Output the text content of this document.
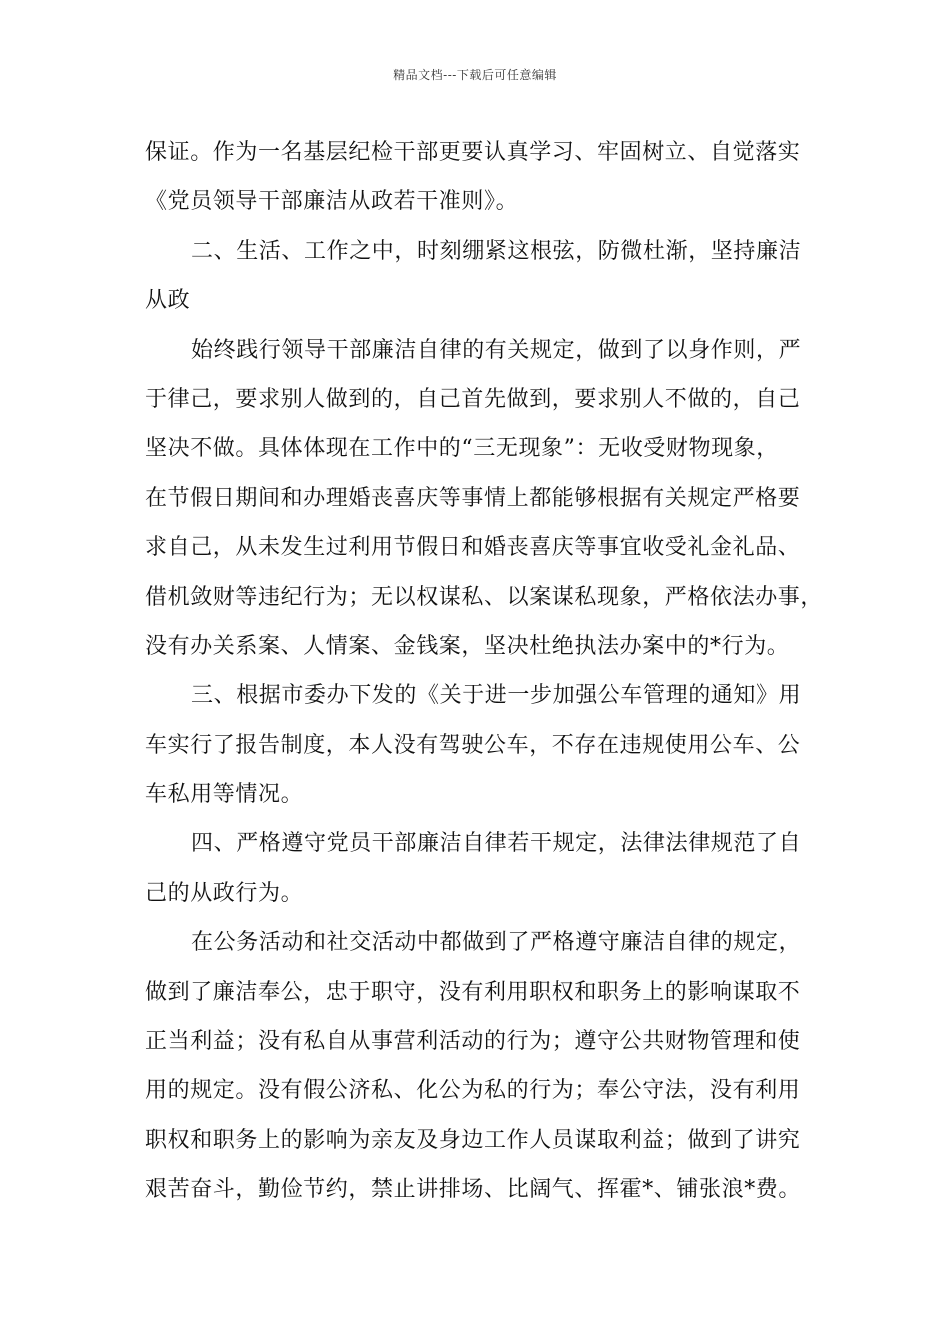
精品文档---下载后可任意编辑
保证。作为一名基层纪检干部更要认真学习、牢固树立、自觉落实
《党员领导干部廉洁从政若干准则》。
二、生活、工作之中，时刻绷紧这根弦，防微杜渐，坚持廉洁
从政
始终践行领导干部廉洁自律的有关规定，做到了以身作则，严
于律己，要求别人做到的，自己首先做到，要求别人不做的，自己
坚决不做。具体体现在工作中的“三无现象”：无收受财物现象，
在节假日期间和办理婚丧喜庆等事情上都能够根据有关规定严格要
求自己，从未发生过利用节假日和婚丧喜庆等事宜收受礼金礼品、
借机敛财等违纪行为；无以权谋私、以案谋私现象，严格依法办事，
没有办关系案、人情案、金钱案，坚决杜绝执法办案中的*行为。
三、根据市委办下发的《关于进一步加强公车管理的通知》用
车实行了报告制度，本人没有驾驶公车，不存在违规使用公车、公
车私用等情况。
四、严格遵守党员干部廉洁自律若干规定，法律法律规范了自
己的从政行为。
在公务活动和社交活动中都做到了严格遵守廉洁自律的规定，
做到了廉洁奉公，忠于职守，没有利用职权和职务上的影响谋取不
正当利益；没有私自从事营利活动的行为；遵守公共财物管理和使
用的规定。没有假公济私、化公为私的行为；奉公守法，没有利用
职权和职务上的影响为亲友及身边工作人员谋取利益；做到了讲究
艰苦奋斗，勤俭节约，禁止讲排场、比阔气、挥霍*、铺张浪*费。
